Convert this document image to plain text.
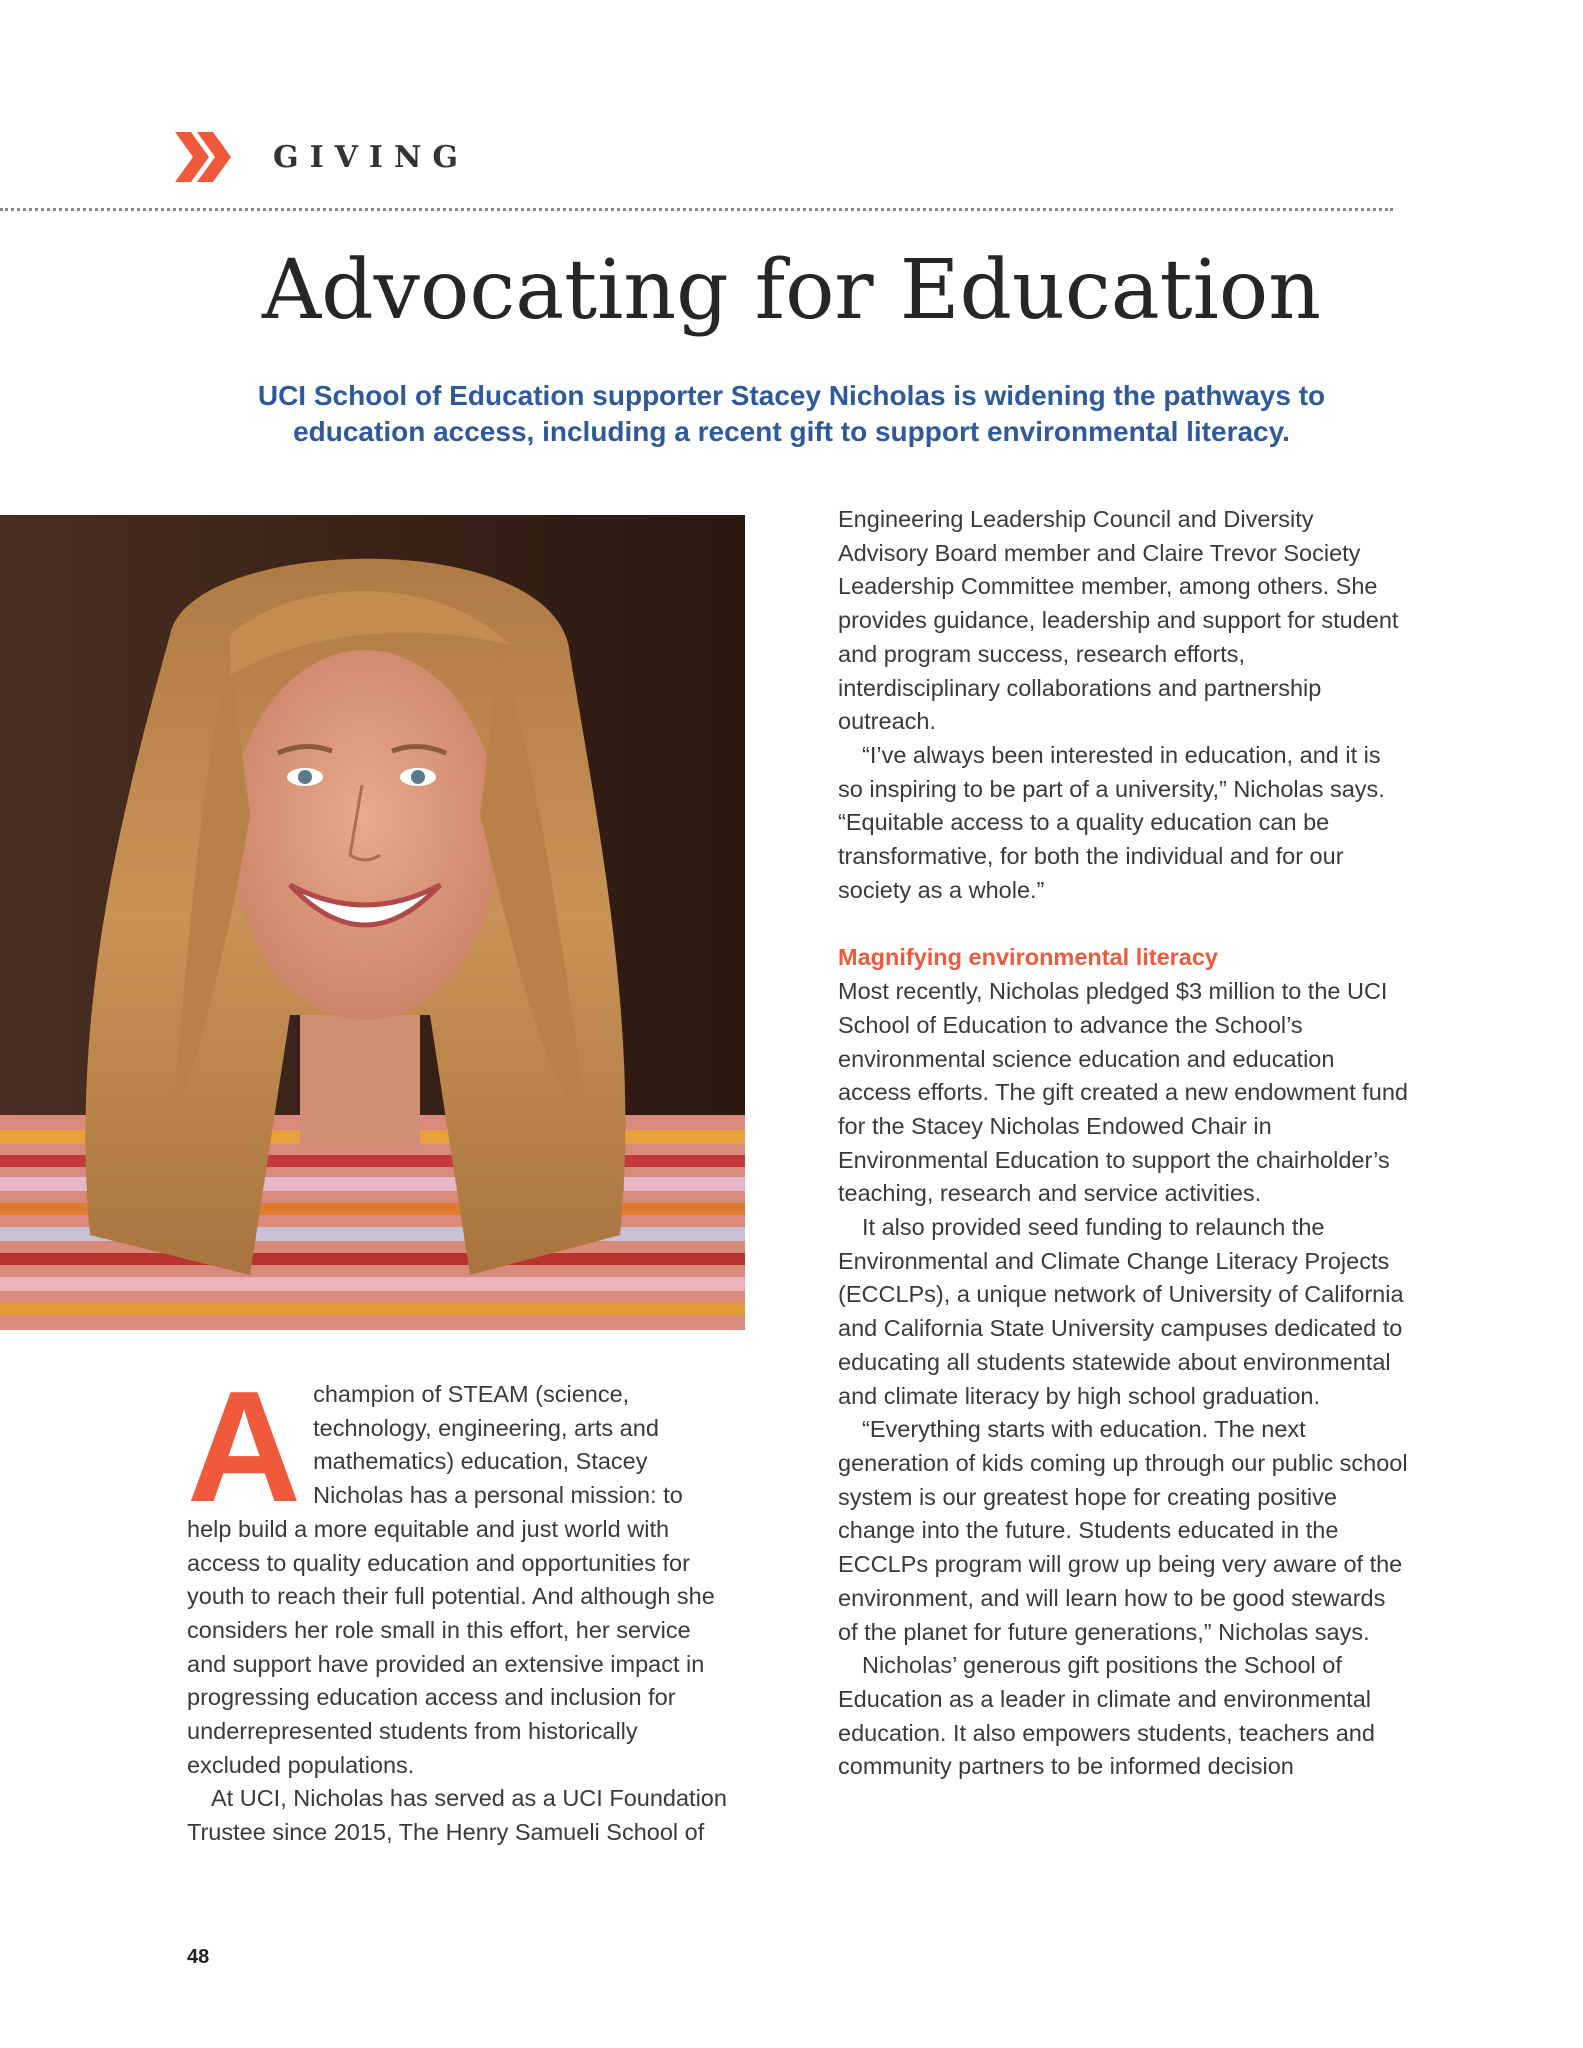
GIVING
Advocating for Education

UCI School of Education supporter Stacey Nicholas is widening the pathways to education access, including a recent gift to support environmental literacy.

Achampion of STEAM (science, technology, engineering, arts and mathematics) education, Stacey Nicholas has a personal mission: to help build a more equitable and just world with access to quality education and opportunities for youth to reach their full potential. And although she considers her role small in this effort, her service and support have provided an extensive impact in progressing education access and inclusion for underrepresented students from historically excluded populations.

At UCI, Nicholas has served as a UCI Foundation Trustee since 2015, The Henry Samueli School of

Engineering Leadership Council and Diversity Advisory Board member and Claire Trevor Society Leadership Committee member, among others. She provides guidance, leadership and support for student and program success, research efforts, interdisciplinary collaborations and partnership outreach.

“I’ve always been interested in education, and it is so inspiring to be part of a university,” Nicholas says. “Equitable access to a quality education can be transformative, for both the individual and for our society as a whole.”

Magnifying environmental literacy

Most recently, Nicholas pledged $3 million to the UCI School of Education to advance the School’s environmental science education and education access efforts. The gift created a new endowment fund for the Stacey Nicholas Endowed Chair in Environmental Education to support the chairholder’s teaching, research and service activities.

It also provided seed funding to relaunch the Environmental and Climate Change Literacy Projects (ECCLPs), a unique network of University of California and California State University campuses dedicated to educating all students statewide about environmental and climate literacy by high school graduation.

“Everything starts with education. The next generation of kids coming up through our public school system is our greatest hope for creating positive change into the future. Students educated in the ECCLPs program will grow up being very aware of the environment, and will learn how to be good stewards of the planet for future generations,” Nicholas says.

Nicholas’ generous gift positions the School of Education as a leader in climate and environmental education. It also empowers students, teachers and community partners to be informed decision

48
